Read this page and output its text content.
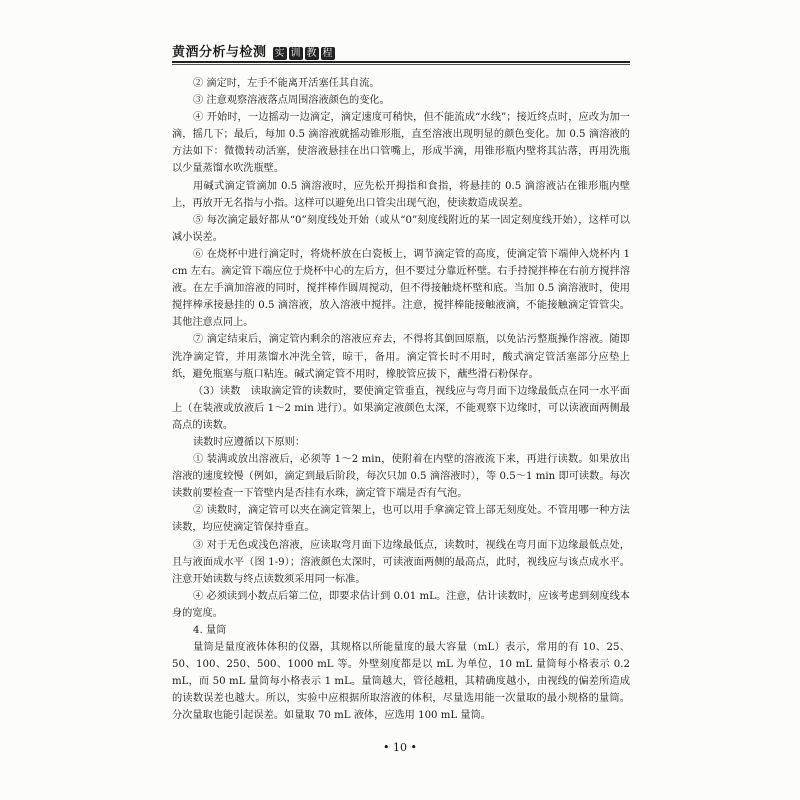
黄酒分析与检测 实 训 教 程

② 滴定时，左手不能离开活塞任其自流。

③ 注意观察溶液落点周围溶液颜色的变化。

④ 开始时，一边摇动一边滴定，滴定速度可稍快，但不能流成“水线”；接近终点时，应改为加一滴，摇几下；最后，每加 0.5 滴溶液就摇动锥形瓶，直至溶液出现明显的颜色变化。加 0.5 滴溶液的方法如下：微微转动活塞，使溶液悬挂在出口管嘴上，形成半滴，用锥形瓶内壁将其沾落，再用洗瓶以少量蒸馏水吹洗瓶壁。

用碱式滴定管滴加 0.5 滴溶液时，应先松开拇指和食指，将悬挂的 0.5 滴溶液沾在锥形瓶内壁上，再放开无名指与小指。这样可以避免出口管尖出现气泡，使读数造成误差。

⑤ 每次滴定最好都从“0”刻度线处开始（或从“0”刻度线附近的某一固定刻度线开始），这样可以减小误差。

⑥ 在烧杯中进行滴定时，将烧杯放在白瓷板上，调节滴定管的高度，使滴定管下端伸入烧杯内 1 cm 左右。滴定管下端应位于烧杯中心的左后方，但不要过分靠近杯壁。右手持搅拌棒在右前方搅拌溶液。在左手滴加溶液的同时，搅拌棒作圆周搅动，但不得接触烧杯壁和底。当加 0.5 滴溶液时，使用搅拌棒承接悬挂的 0.5 滴溶液，放入溶液中搅拌。注意，搅拌棒能接触液滴，不能接触滴定管管尖。其他注意点同上。

⑦ 滴定结束后，滴定管内剩余的溶液应弃去，不得将其倒回原瓶，以免沾污整瓶操作溶液。随即洗净滴定管，并用蒸馏水冲洗全管，晾干，备用。滴定管长时不用时，酸式滴定管活塞部分应垫上纸，避免瓶塞与瓶口粘连。碱式滴定管不用时，橡胶管应拔下，蘸些滑石粉保存。

（3）读数　读取滴定管的读数时，要使滴定管垂直，视线应与弯月面下边缘最低点在同一水平面上（在装液或放液后 1～2 min 进行）。如果滴定液颜色太深，不能观察下边缘时，可以读液面两侧最高点的读数。

读数时应遵循以下原则：

① 装满或放出溶液后，必须等 1～2 min，使附着在内壁的溶液流下来，再进行读数。如果放出溶液的速度较慢（例如，滴定到最后阶段，每次只加 0.5 滴溶液时），等 0.5～1 min 即可读数。每次读数前要检查一下管壁内是否挂有水珠，滴定管下端是否有气泡。

② 读数时，滴定管可以夹在滴定管架上，也可以用手拿滴定管上部无刻度处。不管用哪一种方法读数，均应使滴定管保持垂直。

③ 对于无色或浅色溶液，应读取弯月面下边缘最低点，读数时，视线在弯月面下边缘最低点处，且与液面成水平（图 1-9）；溶液颜色太深时，可读液面两侧的最高点，此时，视线应与该点成水平。注意开始读数与终点读数须采用同一标准。

④ 必须读到小数点后第二位，即要求估计到 0.01 mL。注意，估计读数时，应该考虑到刻度线本身的宽度。

4. 量筒

量筒是量度液体体积的仪器，其规格以所能量度的最大容量（mL）表示，常用的有 10、25、50、100、250、500、1000 mL 等。外壁刻度都是以 mL 为单位，10 mL 量筒每小格表示 0.2 mL，而 50 mL 量筒每小格表示 1 mL。量筒越大，管径越粗，其精确度越小，由视线的偏差所造成的读数误差也越大。所以，实验中应根据所取溶液的体积，尽量选用能一次量取的最小规格的量筒。分次量取也能引起误差。如量取 70 mL 液体，应选用 100 mL 量筒。

• 10 •
